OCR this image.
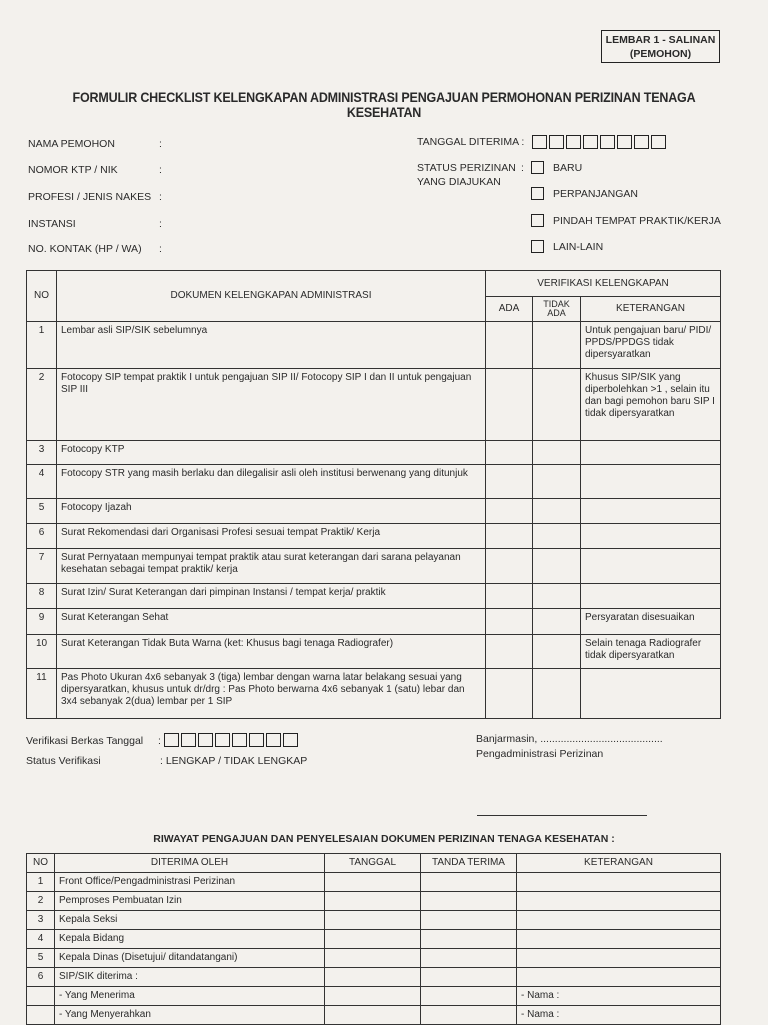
LEMBAR 1 - SALINAN
(PEMOHON)
FORMULIR CHECKLIST KELENGKAPAN ADMINISTRASI PENGAJUAN PERMOHONAN PERIZINAN TENAGA KESEHATAN
NAMA PEMOHON	:
NOMOR KTP / NIK	:
PROFESI / JENIS NAKES :
INSTANSI	:
NO. KONTAK (HP / WA) :
TANGGAL DITERIMA :
STATUS PERIZINAN :
YANG DIAJUKAN
BARU
PERPANJANGAN
PINDAH TEMPAT PRAKTIK/KERJA
LAIN-LAIN
NO	DOKUMEN KELENGKAPAN ADMINISTRASI	VERIFIKASI KELENGKAPAN		
		ADA	TIDAK ADA	KETERANGAN
1	Lembar asli SIP/SIK sebelumnya			Untuk pengajuan baru/ PIDI/ PPDS/PPDGS tidak dipersyaratkan
2	Fotocopy SIP tempat praktik I untuk pengajuan SIP II/ Fotocopy SIP I dan II untuk pengajuan SIP III			Khusus SIP/SIK yang diperbolehkan >1 , selain itu dan bagi pemohon baru SIP I tidak dipersyaratkan
3	Fotocopy KTP			
4	Fotocopy STR yang masih berlaku dan dilegalisir asli oleh institusi berwenang yang ditunjuk			
5	Fotocopy Ijazah			
6	Surat Rekomendasi dari Organisasi Profesi sesuai tempat Praktik/ Kerja			
7	Surat Pernyataan mempunyai tempat praktik atau surat keterangan dari sarana pelayanan kesehatan sebagai tempat praktik/ kerja			
8	Surat Izin/ Surat Keterangan dari pimpinan Instansi / tempat kerja/ praktik			
9	Surat Keterangan Sehat			Persyaratan disesuaikan
10	Surat Keterangan Tidak Buta Warna (ket: Khusus bagi tenaga Radiografer)			Selain tenaga Radiografer tidak dipersyaratkan
11	Pas Photo Ukuran 4x6 sebanyak 3 (tiga) lembar dengan warna latar belakang sesuai yang dipersyaratkan, khusus untuk dr/drg : Pas Photo berwarna 4x6 sebanyak 1 (satu) lebar dan 3x4 sebanyak 2(dua) lembar per 1 SIP			
Verifikasi Berkas Tanggal :
Status Verifikasi	: LENGKAP / TIDAK LENGKAP
Banjarmasin, ..........................................
Pengadministrasi Perizinan
RIWAYAT PENGAJUAN DAN PENYELESAIAN DOKUMEN PERIZINAN TENAGA KESEHATAN :
NO	DITERIMA OLEH	TANGGAL	TANDA TERIMA	KETERANGAN
1	Front Office/Pengadministrasi Perizinan			
2	Pemproses Pembuatan Izin			
3	Kepala Seksi			
4	Kepala Bidang			
5	Kepala Dinas (Disetujui/ ditandatangani)			
6	SIP/SIK diterima :			
	- Yang Menerima			- Nama :
	- Yang Menyerahkan			- Nama :
